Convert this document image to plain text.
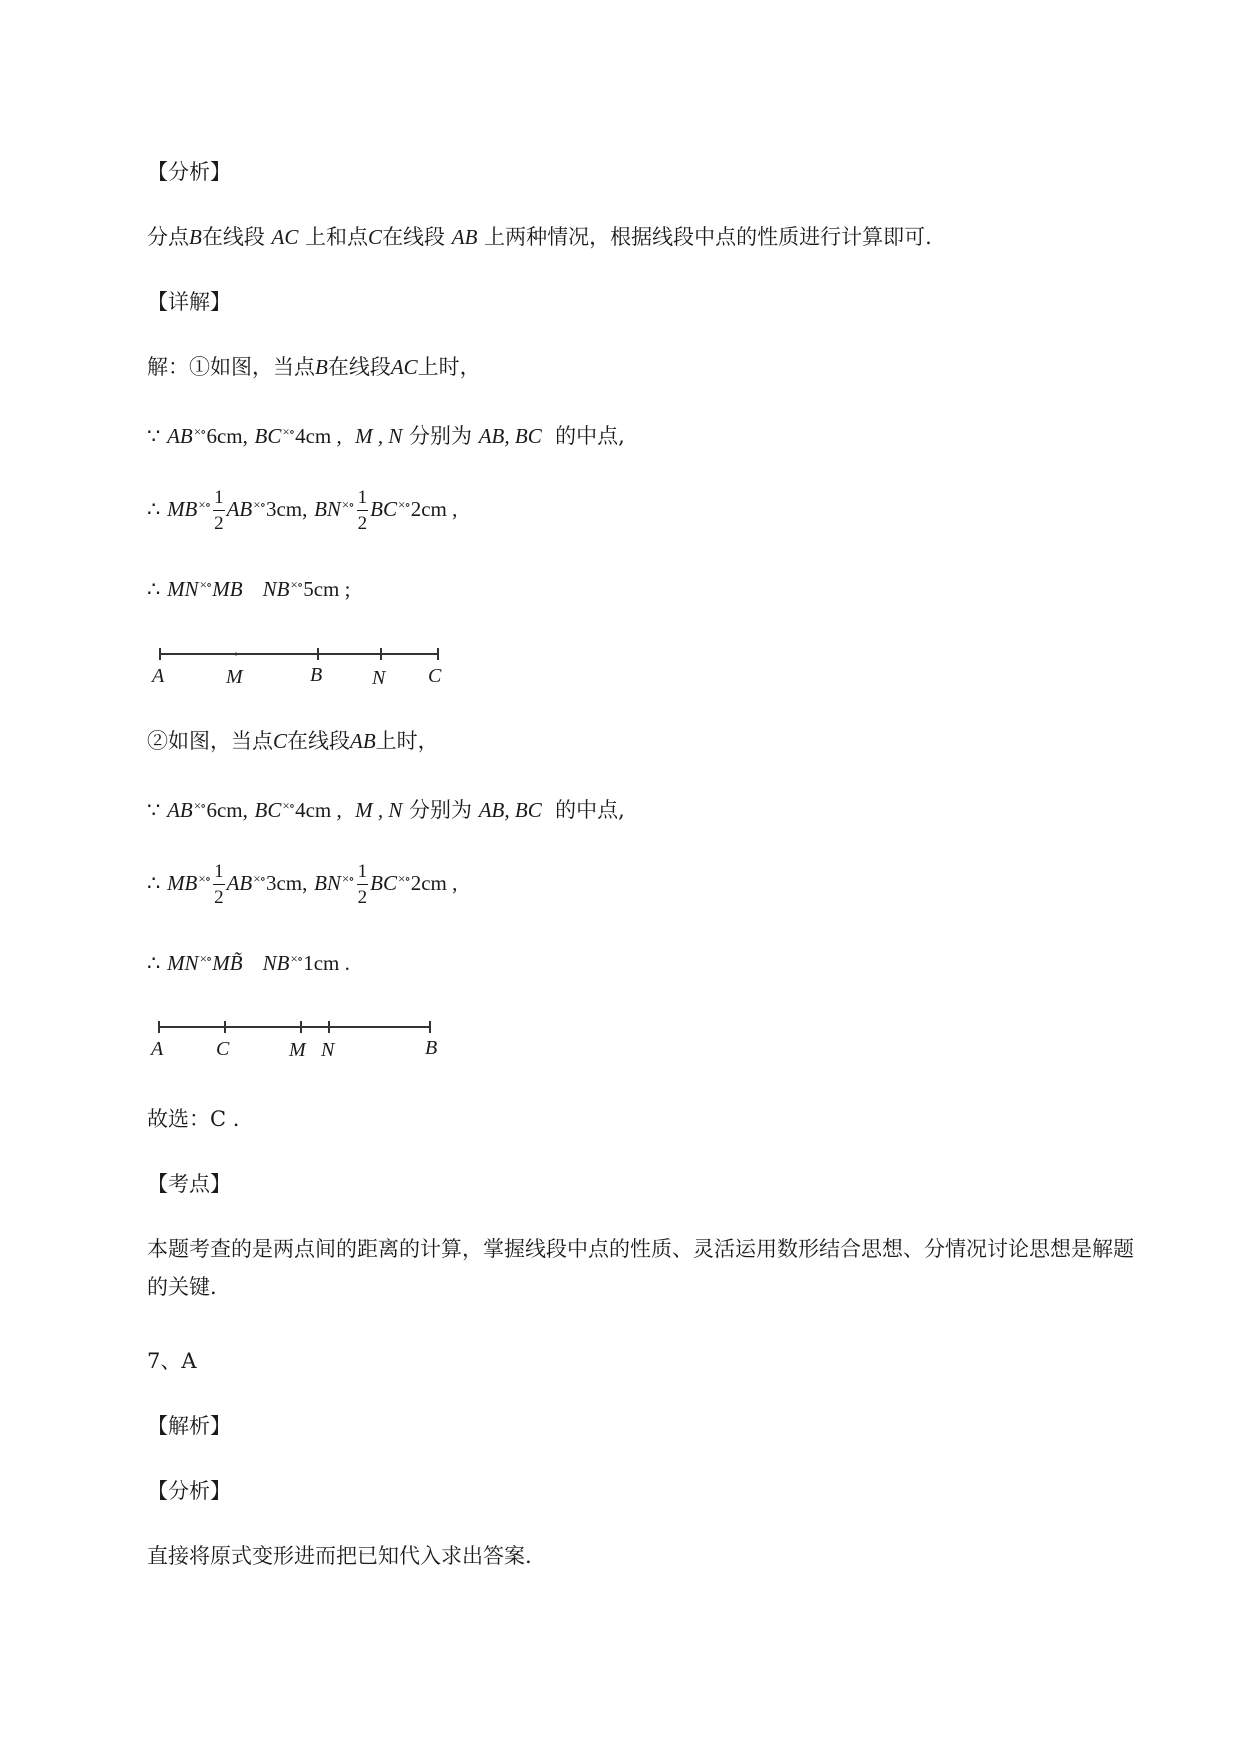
【分析】
分点B在线段 AC 上和点C在线段 AB 上两种情况，根据线段中点的性质进行计算即可.
【详解】
解：①如图，当点B在线段AC上时，
∵ AB×∘6cm, BC×∘4cm , M , N 分别为 AB, BC 的中点,
∴ $MB^{\times\circ} \frac{1}{2} AB^{\times\circ}3cm$, $BN^{\times\circ} \frac{1}{2} BC^{\times\circ}2cm$ ,
∴ MN×∘MB NB×∘5cm ;
A	M	B N C
②如图，当点C在线段AB上时，
∵ AB×∘6cm, BC×∘4cm , M , N 分别为 AB, BC 的中点,
∴ $MB^{\times\circ} \frac{1}{2} AB^{\times\circ}3cm$, $BN^{\times\circ} \frac{1}{2} BC^{\times\circ}2cm$ ,
∴ MN×∘MB̃ NB×∘1cm .
A	C	M N	B
故选：C .
【考点】
本题考查的是两点间的距离的计算，掌握线段中点的性质、灵活运用数形结合思想、分情况讨论思想是解题的关键.
7、A
【解析】
【分析】
直接将原式变形进而把已知代入求出答案.
